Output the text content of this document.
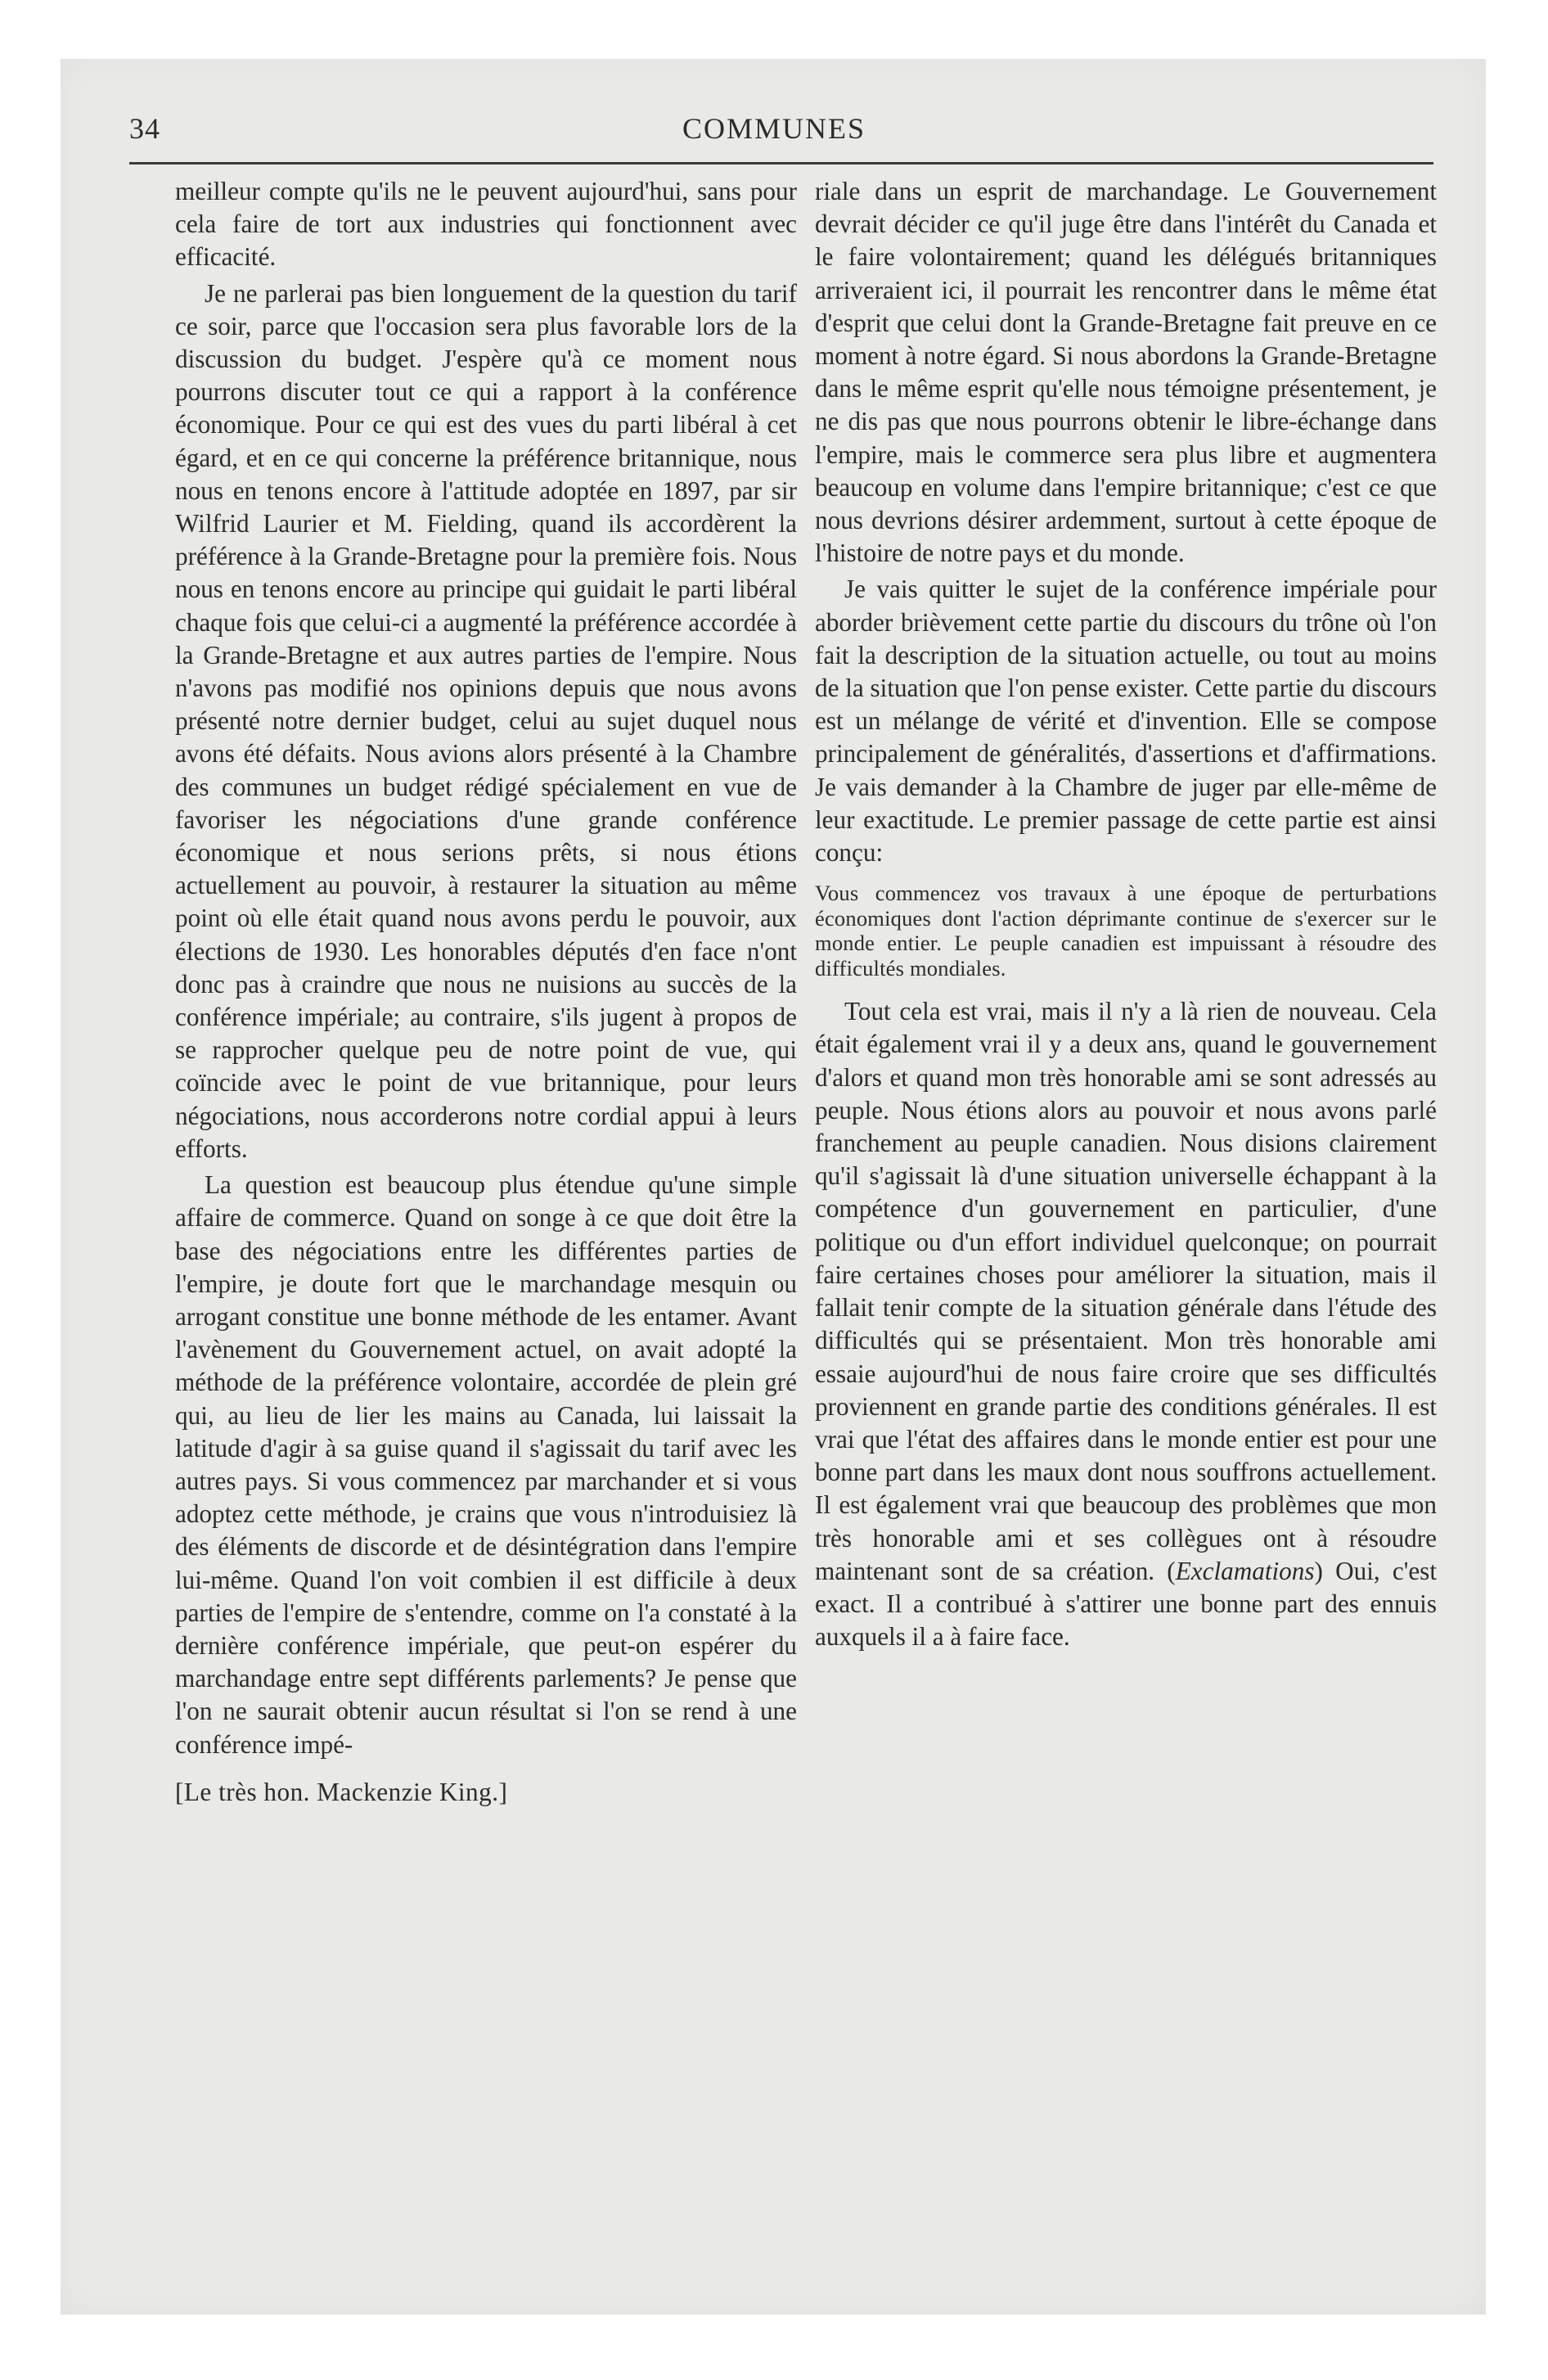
34	COMMUNES

meilleur compte qu'ils ne le peuvent aujourd'hui, sans pour cela faire de tort aux industries qui fonctionnent avec efficacité.

Je ne parlerai pas bien longuement de la question du tarif ce soir, parce que l'occasion sera plus favorable lors de la discussion du budget. J'espère qu'à ce moment nous pourrons discuter tout ce qui a rapport à la conférence économique. Pour ce qui est des vues du parti libéral à cet égard, et en ce qui concerne la préférence britannique, nous nous en tenons encore à l'attitude adoptée en 1897, par sir Wilfrid Laurier et M. Fielding, quand ils accordèrent la préférence à la Grande-Bretagne pour la première fois. Nous nous en tenons encore au principe qui guidait le parti libéral chaque fois que celui-ci a augmenté la préférence accordée à la Grande-Bretagne et aux autres parties de l'empire. Nous n'avons pas modifié nos opinions depuis que nous avons présenté notre dernier budget, celui au sujet duquel nous avons été défaits. Nous avions alors présenté à la Chambre des communes un budget rédigé spécialement en vue de favoriser les négociations d'une grande conférence économique et nous serions prêts, si nous étions actuellement au pouvoir, à restaurer la situation au même point où elle était quand nous avons perdu le pouvoir, aux élections de 1930. Les honorables députés d'en face n'ont donc pas à craindre que nous ne nuisions au succès de la conférence impériale; au contraire, s'ils jugent à propos de se rapprocher quelque peu de notre point de vue, qui coïncide avec le point de vue britannique, pour leurs négociations, nous accorderons notre cordial appui à leurs efforts.

La question est beaucoup plus étendue qu'une simple affaire de commerce. Quand on songe à ce que doit être la base des négociations entre les différentes parties de l'empire, je doute fort que le marchandage mesquin ou arrogant constitue une bonne méthode de les entamer. Avant l'avènement du Gouvernement actuel, on avait adopté la méthode de la préférence volontaire, accordée de plein gré qui, au lieu de lier les mains au Canada, lui laissait la latitude d'agir à sa guise quand il s'agissait du tarif avec les autres pays. Si vous commencez par marchander et si vous adoptez cette méthode, je crains que vous n'introduisiez là des éléments de discorde et de désintégration dans l'empire lui-même. Quand l'on voit combien il est difficile à deux parties de l'empire de s'entendre, comme on l'a constaté à la dernière conférence impériale, que peut-on espérer du marchandage entre sept différents parlements? Je pense que l'on ne saurait obtenir aucun résultat si l'on se rend à une conférence impé-

[Le très hon. Mackenzie King.]

riale dans un esprit de marchandage. Le Gouvernement devrait décider ce qu'il juge être dans l'intérêt du Canada et le faire volontairement; quand les délégués britanniques arriveraient ici, il pourrait les rencontrer dans le même état d'esprit que celui dont la Grande-Bretagne fait preuve en ce moment à notre égard. Si nous abordons la Grande-Bretagne dans le même esprit qu'elle nous témoigne présentement, je ne dis pas que nous pourrons obtenir le libre-échange dans l'empire, mais le commerce sera plus libre et augmentera beaucoup en volume dans l'empire britannique; c'est ce que nous devrions désirer ardemment, surtout à cette époque de l'histoire de notre pays et du monde.

Je vais quitter le sujet de la conférence impériale pour aborder brièvement cette partie du discours du trône où l'on fait la description de la situation actuelle, ou tout au moins de la situation que l'on pense exister. Cette partie du discours est un mélange de vérité et d'invention. Elle se compose principalement de généralités, d'assertions et d'affirmations. Je vais demander à la Chambre de juger par elle-même de leur exactitude. Le premier passage de cette partie est ainsi conçu:

Vous commencez vos travaux à une époque de perturbations économiques dont l'action déprimante continue de s'exercer sur le monde entier. Le peuple canadien est impuissant à résoudre des difficultés mondiales.

Tout cela est vrai, mais il n'y a là rien de nouveau. Cela était également vrai il y a deux ans, quand le gouvernement d'alors et quand mon très honorable ami se sont adressés au peuple. Nous étions alors au pouvoir et nous avons parlé franchement au peuple canadien. Nous disions clairement qu'il s'agissait là d'une situation universelle échappant à la compétence d'un gouvernement en particulier, d'une politique ou d'un effort individuel quelconque; on pourrait faire certaines choses pour améliorer la situation, mais il fallait tenir compte de la situation générale dans l'étude des difficultés qui se présentaient. Mon très honorable ami essaie aujourd'hui de nous faire croire que ses difficultés proviennent en grande partie des conditions générales. Il est vrai que l'état des affaires dans le monde entier est pour une bonne part dans les maux dont nous souffrons actuellement. Il est également vrai que beaucoup des problèmes que mon très honorable ami et ses collègues ont à résoudre maintenant sont de sa création. (Exclamations) Oui, c'est exact. Il a contribué à s'attirer une bonne part des ennuis auxquels il a à faire face.
